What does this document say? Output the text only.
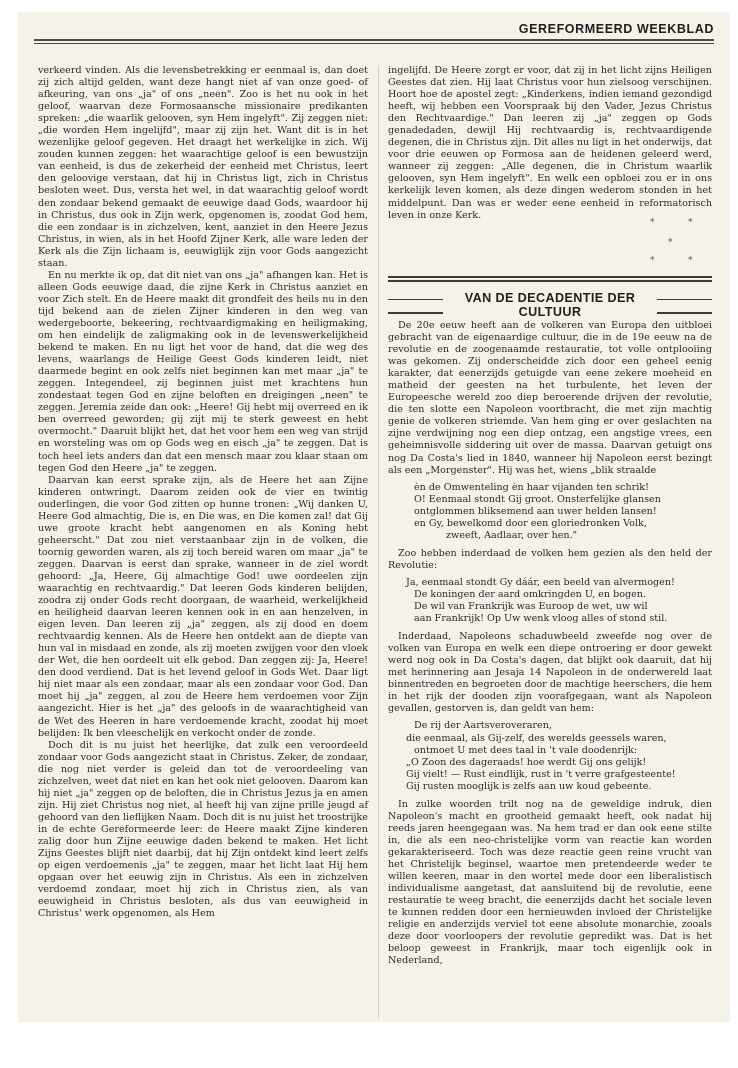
GEREFORMEERD WEEKBLAD

verkeerd vinden. Als die levensbetrekking er eenmaal is, dan doet zij zich altijd gelden, want deze hangt niet af van onze goed- of afkeuring, van ons „ja" of ons „neen". Zoo is het nu ook in het geloof, waarvan deze Formosaansche missionaire predikanten spreken: „die waarlik gelooven, syn Hem ingelyft". Zij zeggen niet: „die worden Hem ingelijfd", maar zij zijn het. Want dit is in het wezenlijke geloof gegeven. Het draagt het werkelijke in zich. Wij zouden kunnen zeggen: het waarachtige geloof is een bewustzijn van eenheid, is dus de zekerheid der eenheid met Christus, leert den geloovige verstaan, dat hij in Christus ligt, zich in Christus besloten weet. Dus, versta het wel, in dat waarachtig geloof wordt den zondaar bekend gemaakt de eeuwige daad Gods, waardoor hij in Christus, dus ook in Zijn werk, opgenomen is, zoodat God hem, die een zondaar is in zichzelven, kent, aanziet in den Heere Jezus Christus, in wien, als in het Hoofd Zijner Kerk, alle ware leden der Kerk als die Zijn lichaam is, eeuwiglijk zijn voor Gods aangezicht staan.

En nu merkte ik op, dat dit niet van ons „ja" afhangen kan. Het is alleen Gods eeuwige daad, die zijne Kerk in Christus aanziet en voor Zich stelt. En de Heere maakt dit grondfeit des heils nu in den tijd bekend aan de zielen Zijner kinderen in den weg van wedergeboorte, bekeering, rechtvaardigmaking en heiligmaking, om hen eindelijk de zaligmaking ook in de levenswerkelijkheid bekend te maken. En nu ligt het voor de hand, dat die weg des levens, waarlangs de Heilige Geest Gods kinderen leidt, niet daarmede begint en ook zelfs niet beginnen kan met maar „ja" te zeggen. Integendeel, zij beginnen juist met krachtens hun zondestaat tegen God en zijne beloften en dreigingen „neen" te zeggen. Jeremia zeide dan ook: „Heere! Gij hebt mij overreed en ik ben overreed geworden; gij zijt mij te sterk geweest en hebt overmocht." Daaruit blijkt het, dat het voor hem een weg van strijd en worsteling was om op Gods weg en eisch „ja" te zeggen. Dat is toch heel iets anders dan dat een mensch maar zou klaar staan om tegen God den Heere „ja" te zeggen.

Daarvan kan eerst sprake zijn, als de Heere het aan Zijne kinderen ontwringt. Daarom zeiden ook de vier en twintig ouderlingen, die voor God zitten op hunne tronen: „Wij danken U, Heere God almachtig, Die is, en Die was, en Die komen zal! dat Gij uwe groote kracht hebt aangenomen en als Koning hebt geheerscht." Dat zou niet verstaanbaar zijn in de volken, die toornig geworden waren, als zij toch bereid waren om maar „ja" te zeggen. Daarvan is eerst dan sprake, wanneer in de ziel wordt gehoord: „Ja, Heere, Gij almachtige God! uwe oordeelen zijn waarachtig en rechtvaardig." Dat leeren Gods kinderen belijden, zoodra zij onder Gods recht doorgaan, de waarheid, werkelijkheid en heiligheid daarvan leeren kennen ook in en aan henzelven, in eigen leven. Dan leeren zij „ja" zeggen, als zij dood en doem rechtvaardig kennen. Als de Heere hen ontdekt aan de diepte van hun val in misdaad en zonde, als zij moeten zwijgen voor den vloek der Wet, die hen oordeelt uit elk gebod. Dan zeggen zij: Ja, Heere! den dood verdiend. Dat is het levend geloof in Gods Wet. Daar ligt hij niet maar als een zondaar, maar als een zondaar voor God. Dan moet hij „ja" zeggen, al zou de Heere hem verdoemen voor Zijn aangezicht. Hier is het „ja" des geloofs in de waarachtigheid van de Wet des Heeren in hare verdoemende kracht, zoodat hij moet belijden: Ik ben vleeschelijk en verkocht onder de zonde.

Doch dit is nu juist het heerlijke, dat zulk een veroordeeld zondaar voor Gods aangezicht staat in Christus. Zeker, de zondaar, die nog niet verder is geleid dan tot de veroordeeling van zichzelven, weet dat niet en kan het ook niet gelooven. Daarom kan hij niet „ja" zeggen op de beloften, die in Christus Jezus ja en amen zijn. Hij ziet Christus nog niet, al heeft hij van zijne prille jeugd af gehoord van den lieflijken Naam. Doch dit is nu juist het troostrijke in de echte Gereformeerde leer: de Heere maakt Zijne kinderen zalig door hun Zijne eeuwige daden bekend te maken. Het licht Zijns Geestes blijft niet daarbij, dat hij Zijn ontdekt kind leert zelfs op eigen verdoemenis „ja" te zeggen, maar het licht laat Hij hem opgaan over het eeuwig zijn in Christus. Als een in zichzelven verdoemd zondaar, moet hij zich in Christus zien, als van eeuwigheid in Christus besloten, als dus van eeuwigheid in Christus' werk opgenomen, als Hem

ingelijfd. De Heere zorgt er voor, dat zij in het licht zijns Heiligen Geestes dat zien. Hij laat Christus voor hun zielsoog verschijnen. Hoort hoe de apostel zegt: „Kinderkens, indien iemand gezondigd heeft, wij hebben een Voorspraak bij den Vader, Jezus Christus den Rechtvaardige." Dan leeren zij „ja" zeggen op Gods genadedaden, dewijl Hij rechtvaardig is, rechtvaardigende degenen, die in Christus zijn. Dit alles nu ligt in het onderwijs, dat voor drie eeuwen op Formosa aan de heidenen geleerd werd, wanneer zij zeggen: „Alle degenen, die in Christum waarlik gelooven, syn Hem ingelyft". En welk een opbloei zou er in ons kerkelijk leven komen, als deze dingen wederom stonden in het middelpunt. Dan was er weder eene eenheid in reformatorisch leven in onze Kerk.

*	*
*
*	*
VAN DE DECADENTIE DER CULTUUR

De 20e eeuw heeft aan de volkeren van Europa den uitbloei gebracht van de eigenaardige cultuur, die in de 19e eeuw na de revolutie en de zoogenaamde restauratie, tot volle ontplooiing was gekomen. Zij onderscheidde zich door een geheel eenig karakter, dat eenerzijds getuigde van eene zekere moeheid en matheid der geesten na het turbulente, het leven der Europeesche wereld zoo diep beroerende drijven der revolutie, die ten slotte een Napoleon voortbracht, die met zijn machtig genie de volkeren striemde. Van hem ging er over geslachten na zijne verdwijning nog een diep ontzag, een angstige vrees, een geheimnisvolle siddering uit over de massa. Daarvan getuigt ons nog Da Costa's lied in 1840, wanneer hij Napoleon eerst bezingt als een „Morgenster". Hij was het, wiens „blik straalde

èn de Omwenteling èn haar vijanden ten schrik!
O! Eenmaal stondt Gij groot. Onsterfelijke glansen
ontglommen bliksemend aan uwer helden lansen!
en Gy, bewelkomd door een gloriedronken Volk,
zweeft, Aadlaar, over hen."

Zoo hebben inderdaad de volken hem gezien als den held der Revolutie:

Ja, eenmaal stondt Gy dáár, een beeld van alvermogen!
De koningen der aard omkringden U, en bogen.
De wil van Frankrijk was Euroop de wet, uw wil
aan Frankrijk! Op Uw wenk vloog alles of stond stil.

Inderdaad, Napoleons schaduwbeeld zweefde nog over de volken van Europa en welk een diepe ontroering er door gewekt werd nog ook in Da Costa's dagen, dat blijkt ook daaruit, dat hij met herinnering aan Jesaja 14 Napoleon in de onderwereld laat binnentreden en begroeten door de machtige heerschers, die hem in het rijk der dooden zijn voorafgegaan, want als Napoleon gevallen, gestorven is, dan geldt van hem:

De rij der Aartsveroveraren,
die eenmaal, als Gij-zelf, des werelds geessels waren,
ontmoet U met dees taal in 't vale doodenrijk:
„O Zoon des dageraads! hoe werdt Gij ons gelijk!
Gij vielt! — Rust eindlijk, rust in 't verre grafgesteente!
Gij rusten mooglijk is zelfs aan uw koud gebeente.

In zulke woorden trilt nog na de geweldige indruk, dien Napoleon's macht en grootheid gemaakt heeft, ook nadat hij reeds jaren heengegaan was. Na hem trad er dan ook eene stilte in, die als een neo-christelijke vorm van reactie kan worden gekarakteriseerd. Toch was deze reactie geen reine vrucht van het Christelijk beginsel, waartoe men pretendeerde weder te willen keeren, maar in den wortel mede door een liberalistisch individualisme aangetast, dat aansluitend bij de revolutie, eene restauratie te weeg bracht, die eenerzijds dacht het sociale leven te kunnen redden door een hernieuwden invloed der Christelijke religie en anderzijds verviel tot eene absolute monarchie, zooals deze door voorloopers der revolutie gepredikt was. Dat is het beloop geweest in Frankrijk, maar toch eigenlijk ook in Nederland,
